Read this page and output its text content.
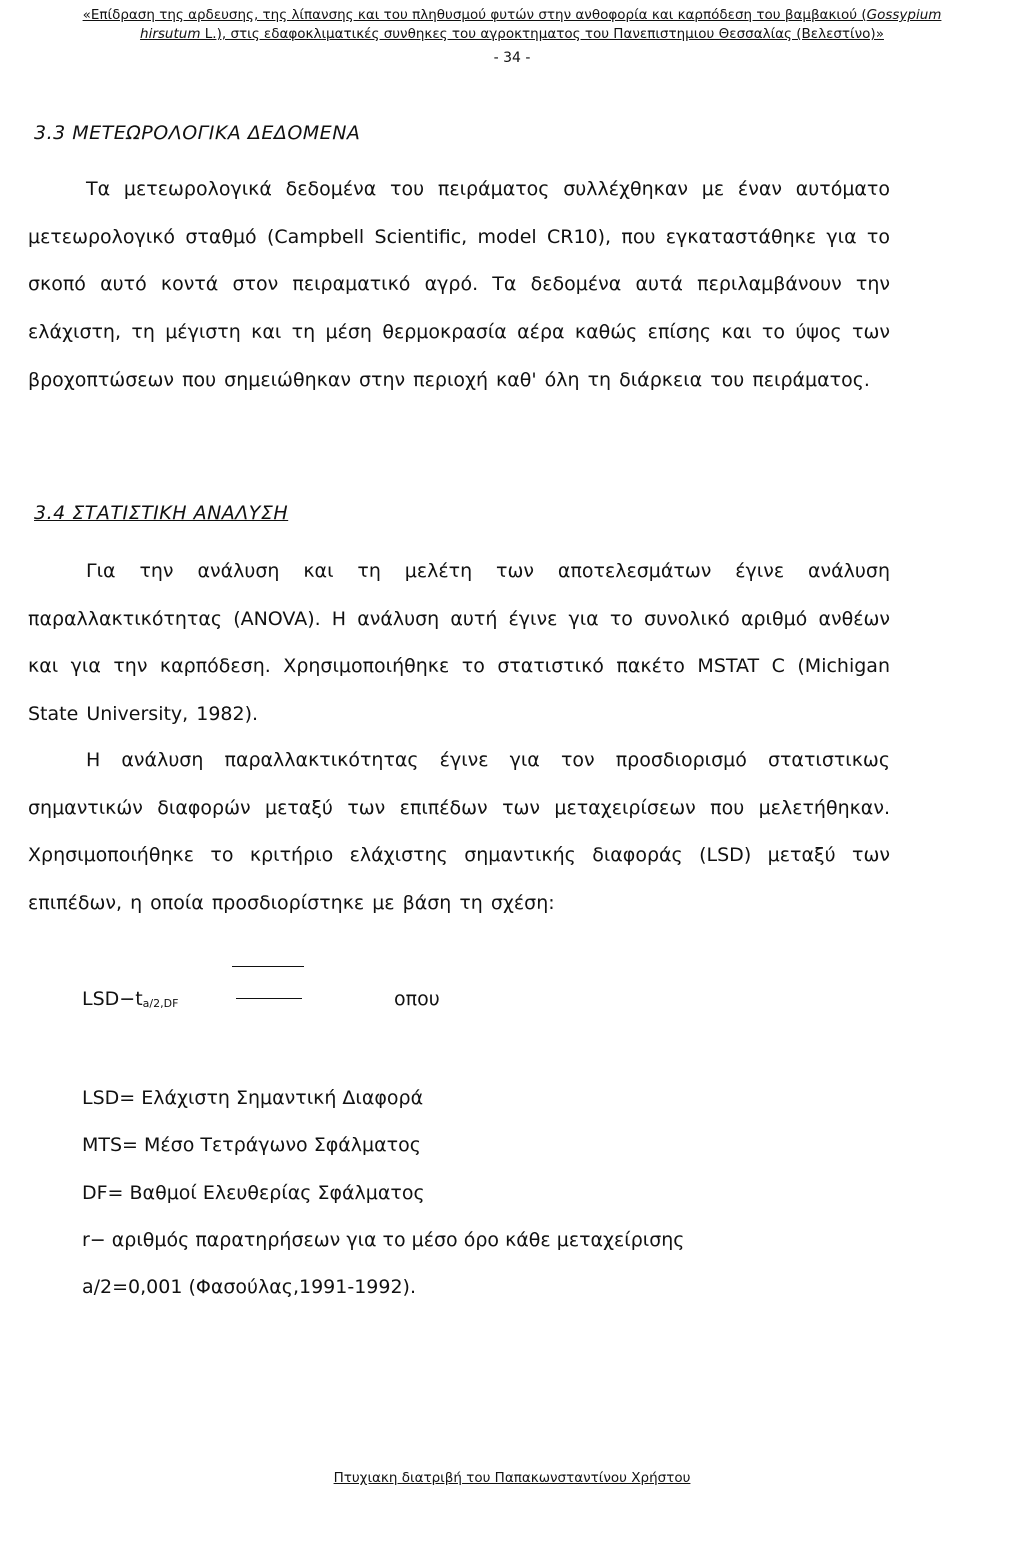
«Επίδραση της αρδευσης, της λίπανσης και του πληθυσμού φυτών στην ανθοφορία και καρπόδεση του βαμβακιού (Gossypium
hirsutum L.), στις εδαφοκλιματικές συνθηκες του αγροκτηματος του Πανεπιστημιου Θεσσαλίας (Βελεστίνο)»
- 34 -
3.3 ΜΕΤΕΩΡΟΛΟΓΙΚΑ ΔΕΔΟΜΕΝΑ
Τα μετεωρολογικά δεδομένα του πειράματος συλλέχθηκαν με έναν αυτόματο μετεωρολογικό σταθμό (Campbell Scientific, model CR10), που εγκαταστάθηκε για το σκοπό αυτό κοντά στον πειραματικό αγρό. Τα δεδομένα αυτά περιλαμβάνουν την ελάχιστη, τη μέγιστη και τη μέση θερμοκρασία αέρα καθώς επίσης και το ύψος των βροχοπτώσεων που σημειώθηκαν στην περιοχή καθ' όλη τη διάρκεια του πειράματος.
3.4 ΣΤΑΤΙΣΤΙΚΗ ΑΝΑΛΥΣΗ
Για την ανάλυση και τη μελέτη των αποτελεσμάτων έγινε ανάλυση παραλλακτικότητας (ANOVA). Η ανάλυση αυτή έγινε για το συνολικό αριθμό ανθέων και για την καρπόδεση. Χρησιμοποιήθηκε το στατιστικό πακέτο MSTAT C (Michigan State University, 1982).
Η ανάλυση παραλλακτικότητας έγινε για τον προσδιορισμό στατιστικως σημαντικών διαφορών μεταξύ των επιπέδων των μεταχειρίσεων που μελετήθηκαν. Χρησιμοποιήθηκε το κριτήριο ελάχιστης σημαντικής διαφοράς (LSD) μεταξύ των επιπέδων, η οποία προσδιορίστηκε με βάση τη σχέση:
$LSD-t_{a/2,DF}$	οπου
LSD= Ελάχιστη Σημαντική Διαφορά
MTS= Μέσο Τετράγωνο Σφάλματος
DF= Βαθμοί Ελευθερίας Σφάλματος
r− αριθμός παρατηρήσεων για το μέσο όρο κάθε μεταχείρισης
a/2=0,001 (Φασούλας,1991-1992).
Πτυχιακη διατριβή του Παπακωνσταντίνου Χρήστου
